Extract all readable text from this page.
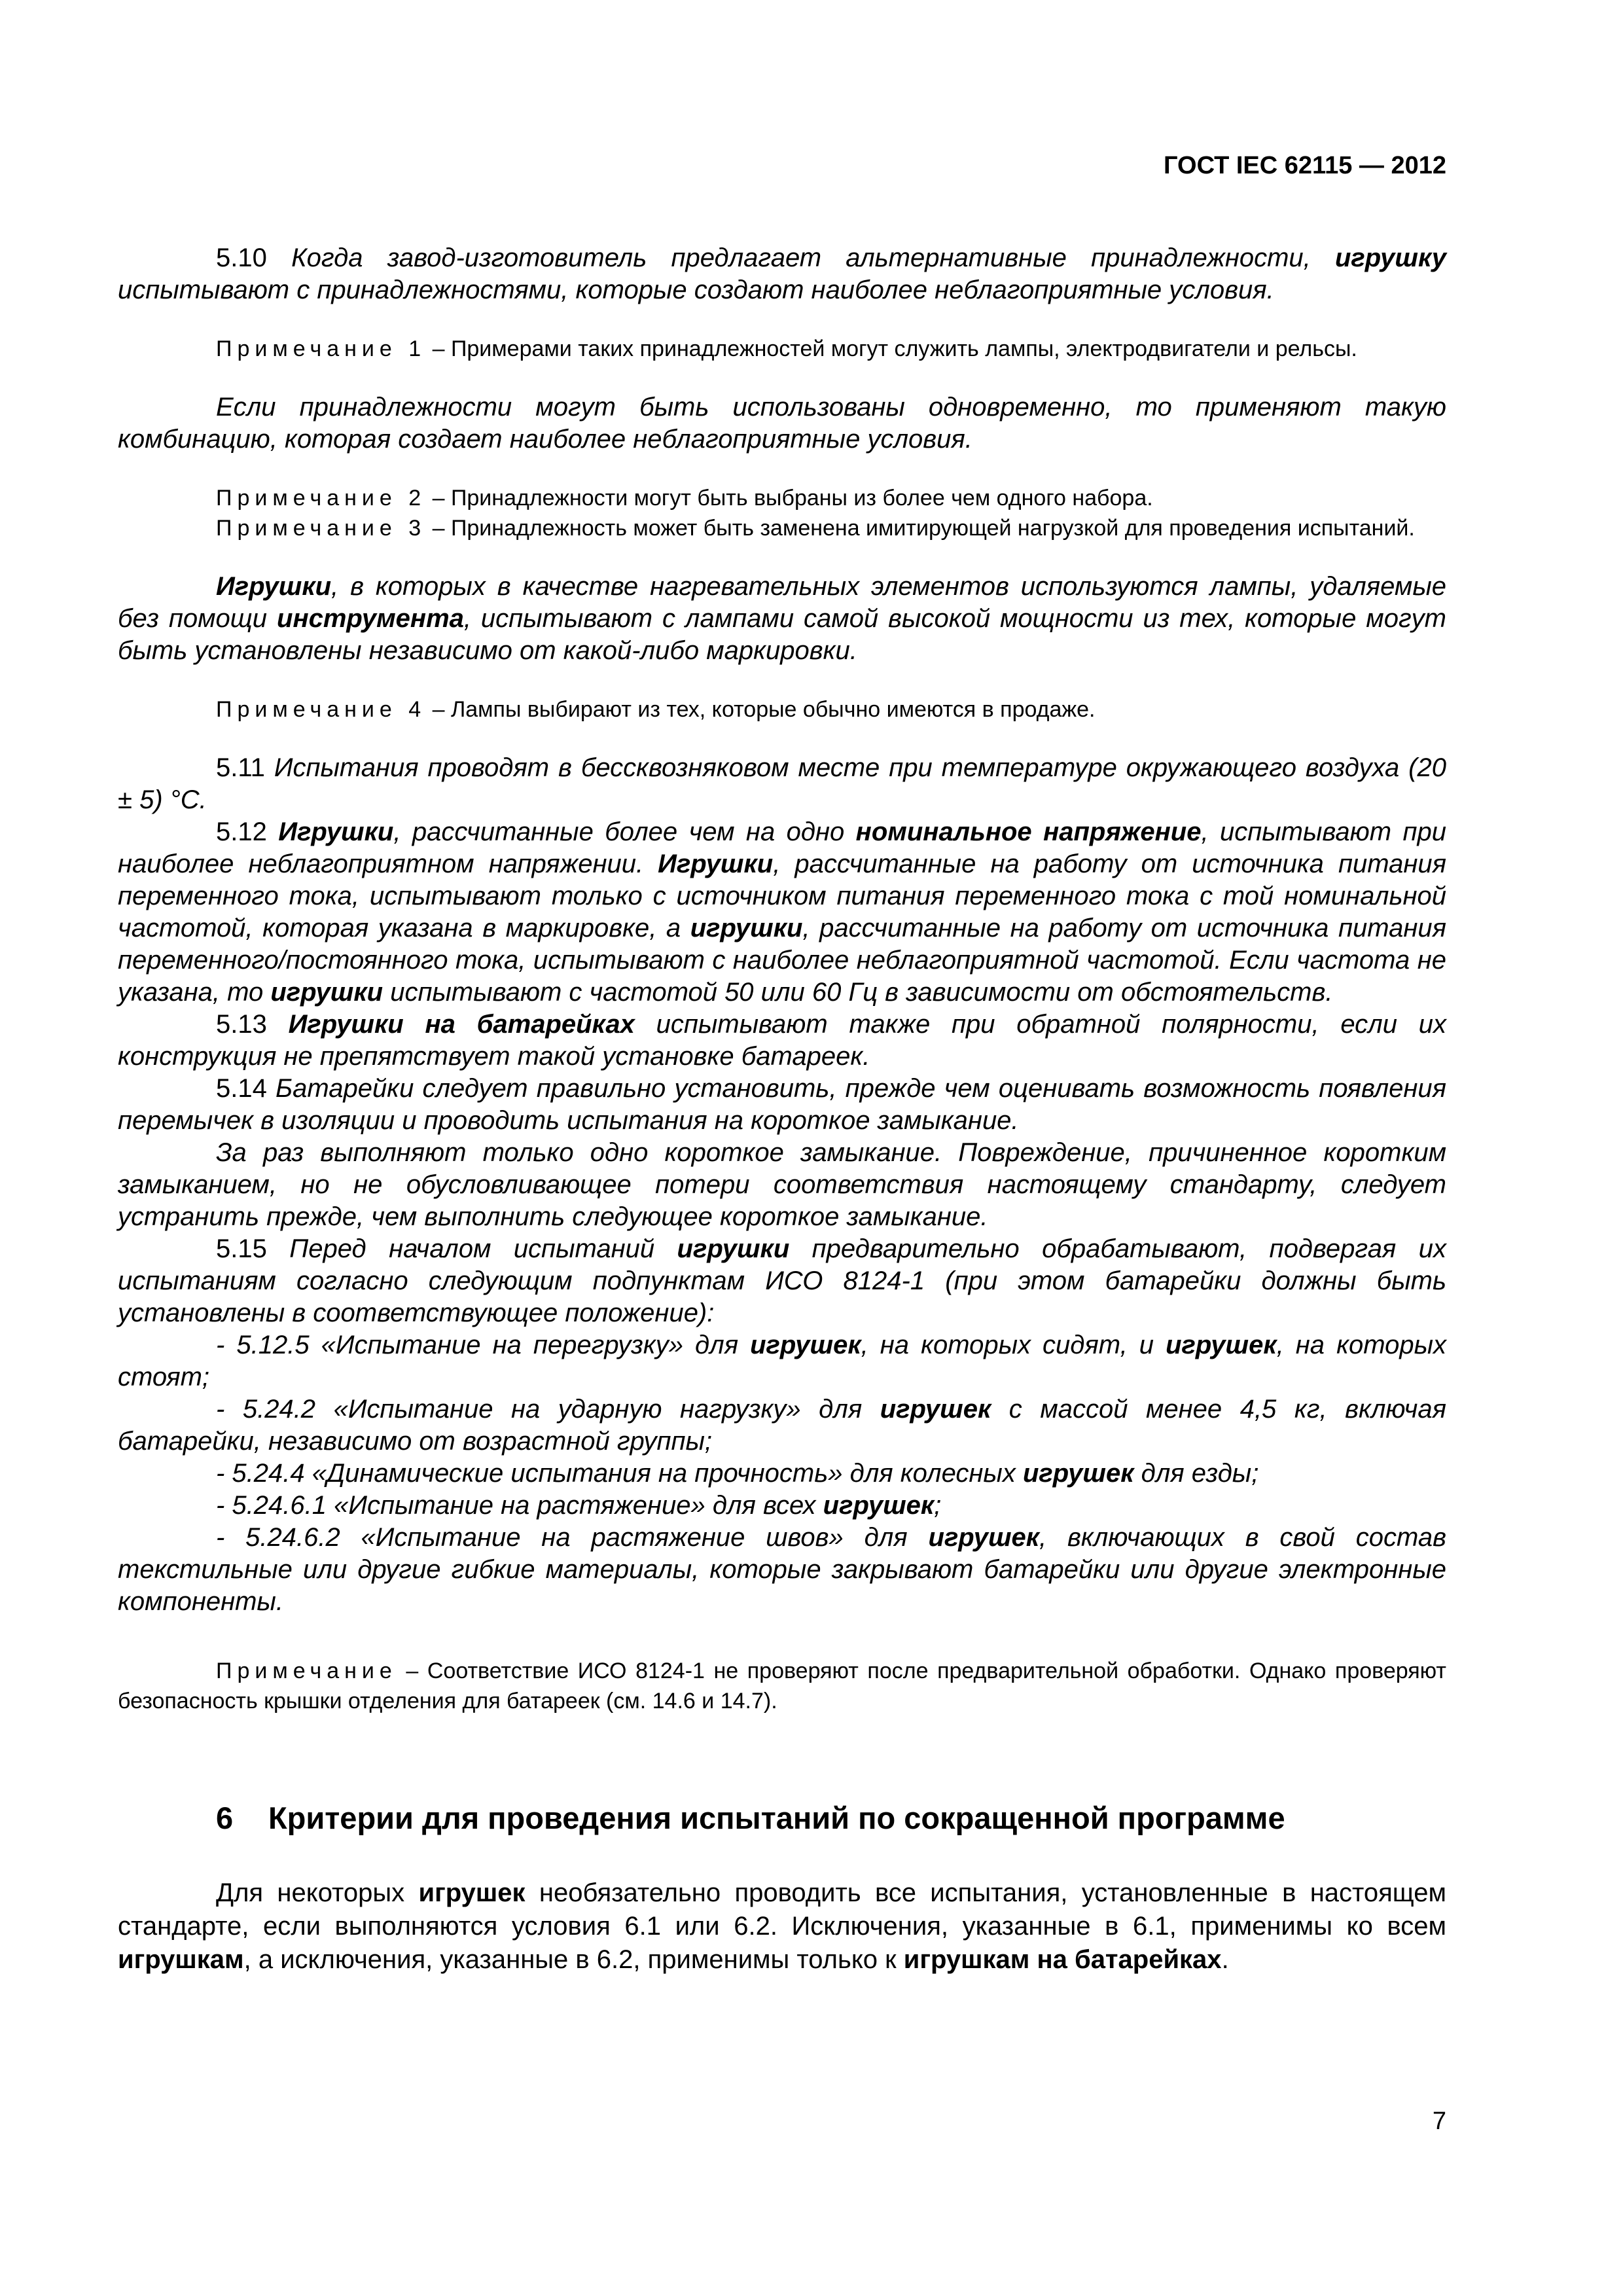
ГОСТ IEC 62115 — 2012

5.10 Когда завод-изготовитель предлагает альтернативные принадлежности, игрушку испытывают с принадлежностями, которые создают наиболее неблагоприятные условия.

Примечание 1 – Примерами таких принадлежностей могут служить лампы, электродвигатели и рельсы.

Если принадлежности могут быть использованы одновременно, то применяют такую комбинацию, которая создает наиболее неблагоприятные условия.

Примечание 2 – Принадлежности могут быть выбраны из более чем одного набора.

Примечание 3 – Принадлежность может быть заменена имитирующей нагрузкой для проведения испытаний.

Игрушки, в которых в качестве нагревательных элементов используются лампы, удаляемые без помощи инструмента, испытывают с лампами самой высокой мощности из тех, которые могут быть установлены независимо от какой-либо маркировки.

Примечание 4 – Лампы выбирают из тех, которые обычно имеются в продаже.

5.11 Испытания проводят в бессквозняковом месте при температуре окружающего воздуха (20 ± 5) °С.

5.12 Игрушки, рассчитанные более чем на одно номинальное напряжение, испытывают при наиболее неблагоприятном напряжении. Игрушки, рассчитанные на работу от источника питания переменного тока, испытывают только с источником питания переменного тока с той номинальной частотой, которая указана в маркировке, а игрушки, рассчитанные на работу от источника питания переменного/постоянного тока, испытывают с наиболее неблагоприятной частотой. Если частота не указана, то игрушки испытывают с частотой 50 или 60 Гц в зависимости от обстоятельств.

5.13 Игрушки на батарейках испытывают также при обратной полярности, если их конструкция не препятствует такой установке батареек.

5.14 Батарейки следует правильно установить, прежде чем оценивать возможность появления перемычек в изоляции и проводить испытания на короткое замыкание.

За раз выполняют только одно короткое замыкание. Повреждение, причиненное коротким замыканием, но не обусловливающее потери соответствия настоящему стандарту, следует устранить прежде, чем выполнить следующее короткое замыкание.

5.15 Перед началом испытаний игрушки предварительно обрабатывают, подвергая их испытаниям согласно следующим подпунктам ИСО 8124-1 (при этом батарейки должны быть установлены в соответствующее положение):

- 5.12.5 «Испытание на перегрузку» для игрушек, на которых сидят, и игрушек, на которых стоят;

- 5.24.2 «Испытание на ударную нагрузку» для игрушек с массой менее 4,5 кг, включая батарейки, независимо от возрастной группы;

- 5.24.4 «Динамические испытания на прочность» для колесных игрушек для езды;

- 5.24.6.1 «Испытание на растяжение» для всех игрушек;

- 5.24.6.2 «Испытание на растяжение швов» для игрушек, включающих в свой состав текстильные или другие гибкие материалы, которые закрывают батарейки или другие электронные компоненты.

Примечание – Соответствие ИСО 8124-1 не проверяют после предварительной обработки. Однако проверяют безопасность крышки отделения для батареек (см. 14.6 и 14.7).

6 Критерии для проведения испытаний по сокращенной программе

Для некоторых игрушек необязательно проводить все испытания, установленные в настоящем стандарте, если выполняются условия 6.1 или 6.2. Исключения, указанные в 6.1, применимы ко всем игрушкам, а исключения, указанные в 6.2, применимы только к игрушкам на батарейках.

7
